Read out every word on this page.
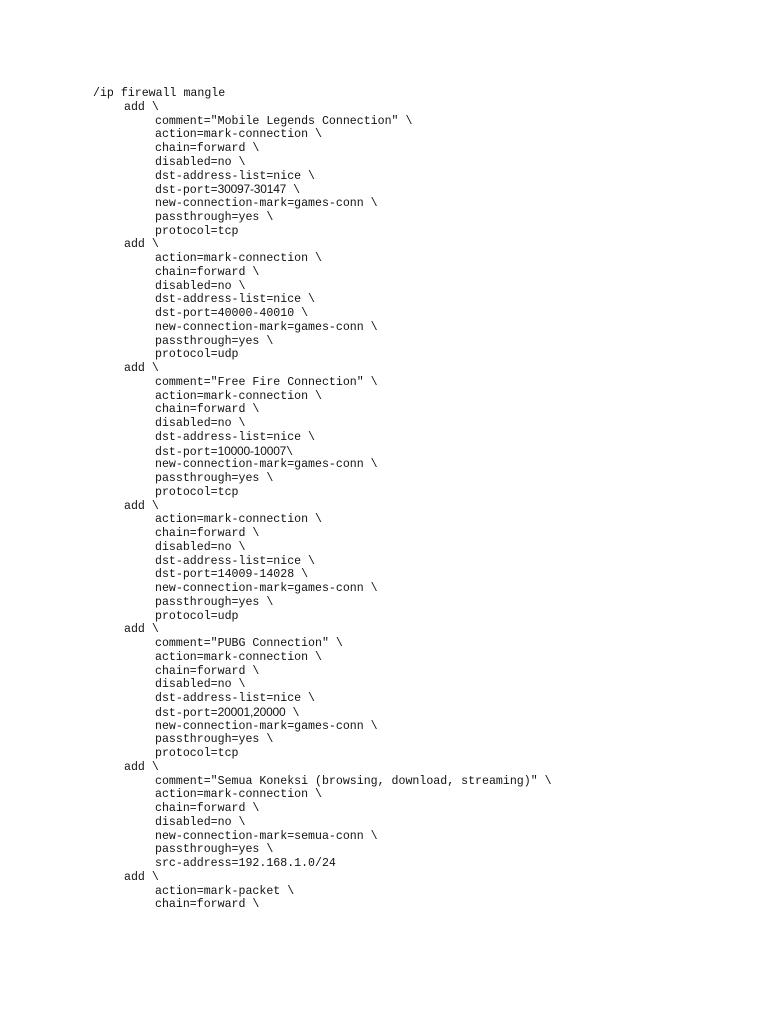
/ip firewall mangle
add \
comment="Mobile Legends Connection" \
action=mark-connection \
chain=forward \
disabled=no \
dst-address-list=nice \
dst-port=30097-30147 \
new-connection-mark=games-conn \
passthrough=yes \
protocol=tcp
add \
action=mark-connection \
chain=forward \
disabled=no \
dst-address-list=nice \
dst-port=40000-40010 \
new-connection-mark=games-conn \
passthrough=yes \
protocol=udp
add \
comment="Free Fire Connection" \
action=mark-connection \
chain=forward \
disabled=no \
dst-address-list=nice \
dst-port=10000-10007\
new-connection-mark=games-conn \
passthrough=yes \
protocol=tcp
add \
action=mark-connection \
chain=forward \
disabled=no \
dst-address-list=nice \
dst-port=14009-14028 \
new-connection-mark=games-conn \
passthrough=yes \
protocol=udp
add \
comment="PUBG Connection" \
action=mark-connection \
chain=forward \
disabled=no \
dst-address-list=nice \
dst-port=20001,20000 \
new-connection-mark=games-conn \
passthrough=yes \
protocol=tcp
add \
comment="Semua Koneksi (browsing, download, streaming)" \
action=mark-connection \
chain=forward \
disabled=no \
new-connection-mark=semua-conn \
passthrough=yes \
src-address=192.168.1.0/24
add \
action=mark-packet \
chain=forward \
